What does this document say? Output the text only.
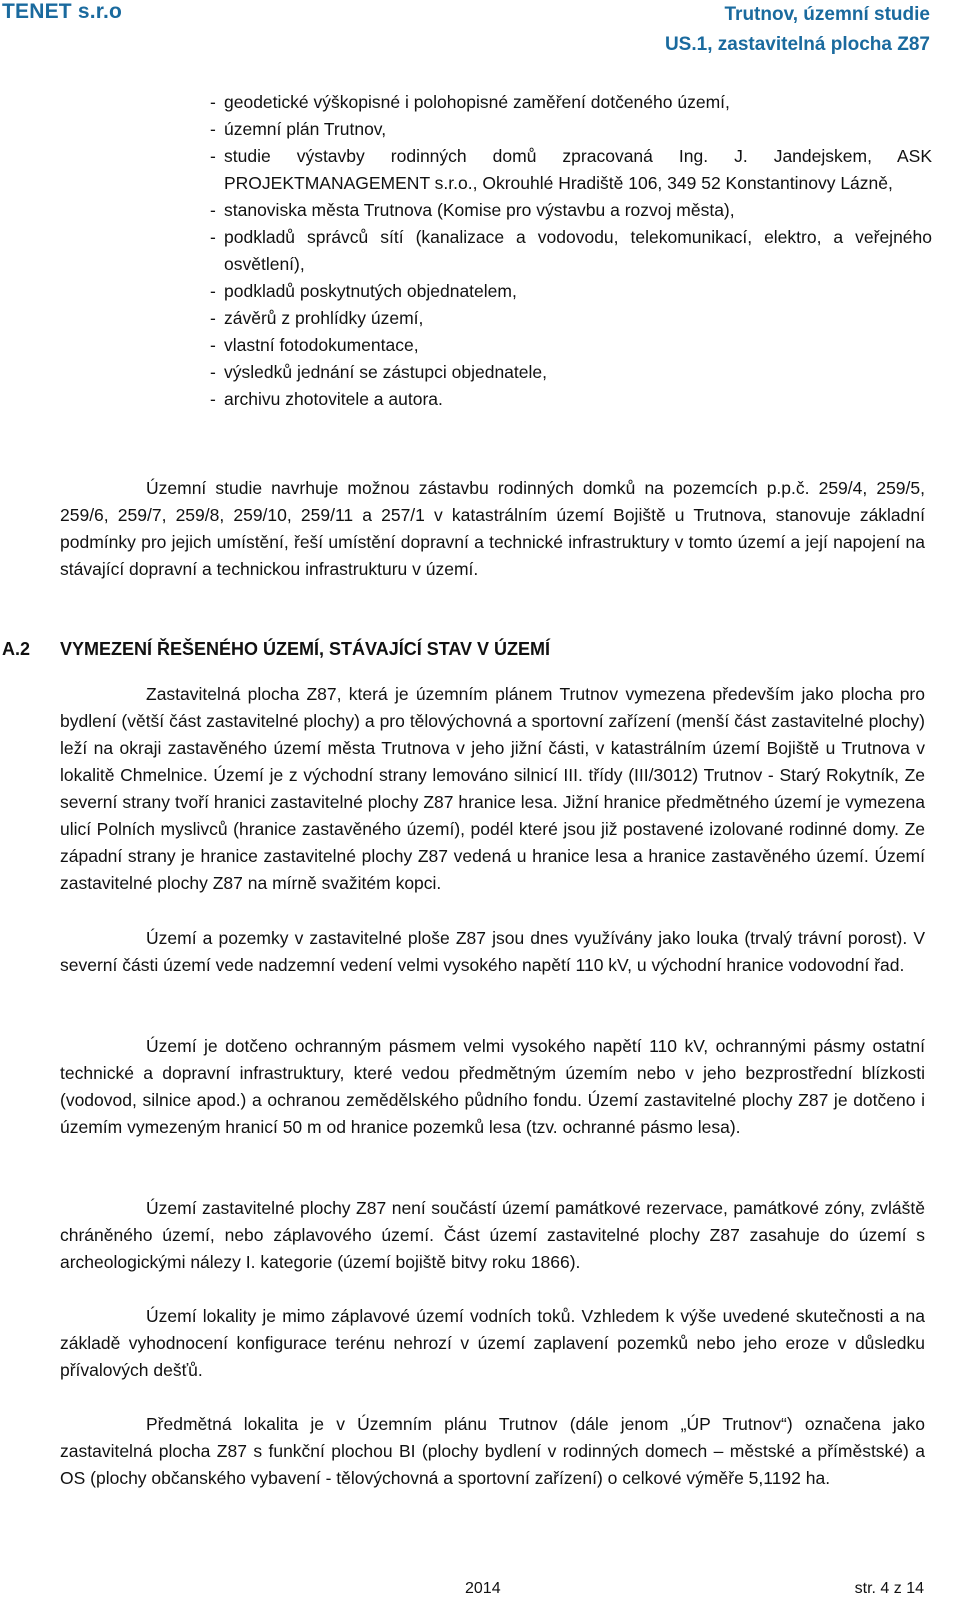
TENET s.r.o	Trutnov, územní studie
US.1, zastavitelná plocha Z87
- geodetické výškopisné i polohopisné zaměření dotčeného území,
- územní plán Trutnov,
- studie výstavby rodinných domů zpracovaná Ing. J. Jandejskem, ASK PROJEKTMANAGEMENT s.r.o., Okrouhlé Hradiště 106, 349 52 Konstantinovy Lázně,
- stanoviska města Trutnova (Komise pro výstavbu a rozvoj města),
- podkladů správců sítí (kanalizace a vodovodu, telekomunikací, elektro, a veřejného osvětlení),
- podkladů poskytnutých objednatelem,
- závěrů z prohlídky území,
- vlastní fotodokumentace,
- výsledků jednání se zástupci objednatele,
- archivu zhotovitele a autora.

Územní studie navrhuje možnou zástavbu rodinných domků na pozemcích p.p.č. 259/4, 259/5, 259/6, 259/7, 259/8, 259/10, 259/11 a 257/1 v katastrálním území Bojiště u Trutnova, stanovuje základní podmínky pro jejich umístění, řeší umístění dopravní a technické infrastruktury v tomto území a její napojení na stávající dopravní a technickou infrastrukturu v území.

A.2 VYMEZENÍ ŘEŠENÉHO ÚZEMÍ, STÁVAJÍCÍ STAV V ÚZEMÍ

Zastavitelná plocha Z87, která je územním plánem Trutnov vymezena především jako plocha pro bydlení (větší část zastavitelné plochy) a pro tělovýchovná a sportovní zařízení (menší část zastavitelné plochy) leží na okraji zastavěného území města Trutnova v jeho jižní části, v katastrálním území Bojiště u Trutnova v lokalitě Chmelnice. Území je z východní strany lemováno silnicí III. třídy (III/3012) Trutnov - Starý Rokytník, Ze severní strany tvoří hranici zastavitelné plochy Z87 hranice lesa. Jižní hranice předmětného území je vymezena ulicí Polních myslivců (hranice zastavěného území), podél které jsou již postavené izolované rodinné domy. Ze západní strany je hranice zastavitelné plochy Z87 vedená u hranice lesa a hranice zastavěného území. Území zastavitelné plochy Z87 na mírně svažitém kopci.

Území a pozemky v zastavitelné ploše Z87 jsou dnes využívány jako louka (trvalý trávní porost). V severní části území vede nadzemní vedení velmi vysokého napětí 110 kV, u východní hranice vodovodní řad.

Území je dotčeno ochranným pásmem velmi vysokého napětí 110 kV, ochrannými pásmy ostatní technické a dopravní infrastruktury, které vedou předmětným územím nebo v jeho bezprostřední blízkosti (vodovod, silnice apod.) a ochranou zemědělského půdního fondu. Území zastavitelné plochy Z87 je dotčeno i územím vymezeným hranicí 50 m od hranice pozemků lesa (tzv. ochranné pásmo lesa).

Území zastavitelné plochy Z87 není součástí území památkové rezervace, památkové zóny, zvláště chráněného území, nebo záplavového území. Část území zastavitelné plochy Z87 zasahuje do území s archeologickými nálezy I. kategorie (území bojiště bitvy roku 1866).

Území lokality je mimo záplavové území vodních toků. Vzhledem k výše uvedené skutečnosti a na základě vyhodnocení konfigurace terénu nehrozí v území zaplavení pozemků nebo jeho eroze v důsledku přívalových dešťů.

Předmětná lokalita je v Územním plánu Trutnov (dále jenom „ÚP Trutnov“) označena jako zastavitelná plocha Z87 s funkční plochou BI (plochy bydlení v rodinných domech – městské a příměstské) a OS (plochy občanského vybavení - tělovýchovná a sportovní zařízení) o celkové výměře 5,1192 ha.

2014	str. 4 z 14
